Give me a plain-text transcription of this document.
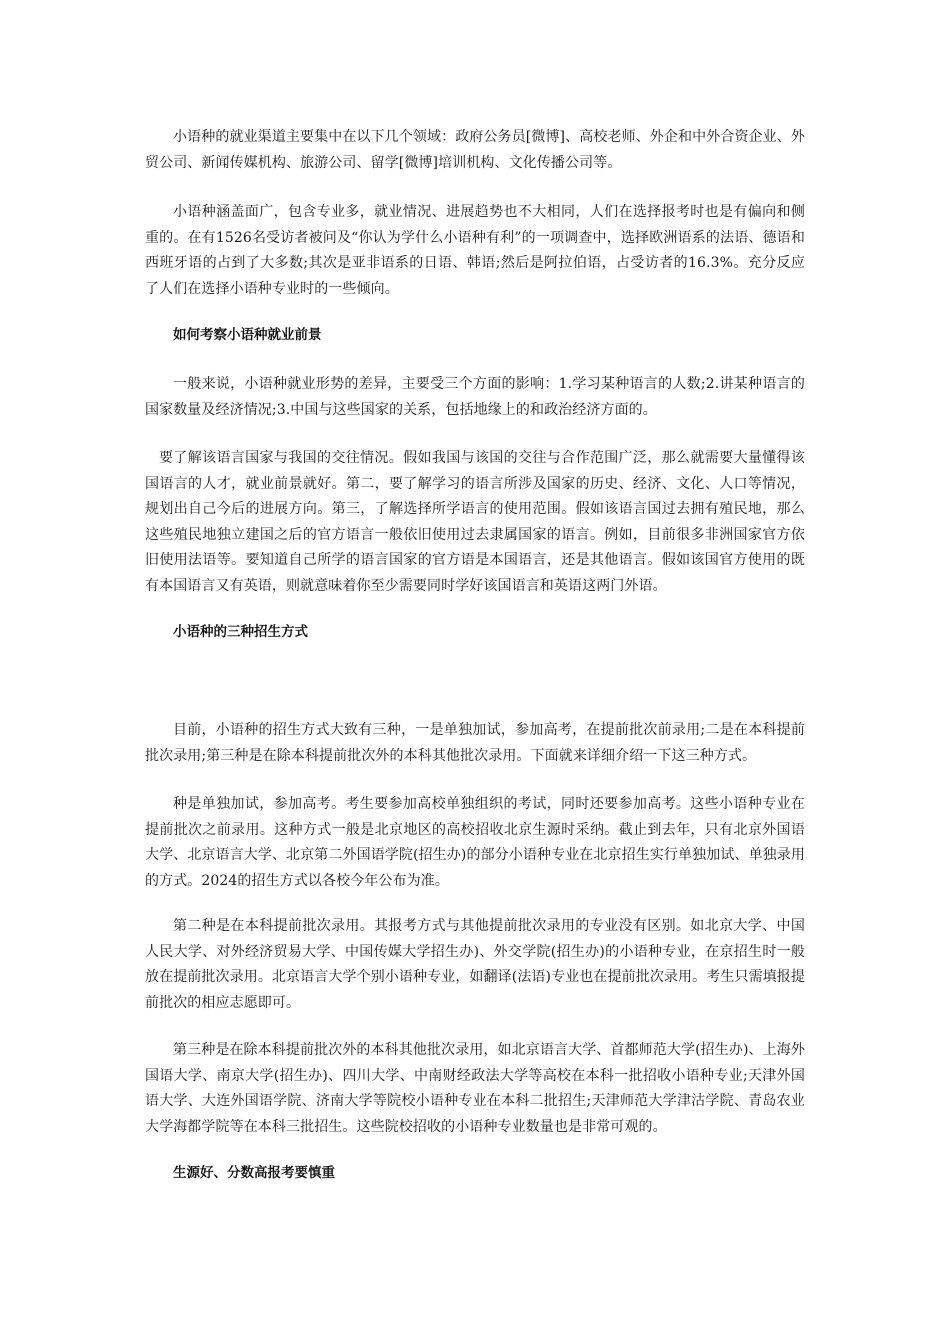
小语种的就业渠道主要集中在以下几个领域：政府公务员[微博]、高校老师、外企和中外合资企业、外贸公司、新闻传媒机构、旅游公司、留学[微博]培训机构、文化传播公司等。

小语种涵盖面广，包含专业多，就业情况、进展趋势也不大相同，人们在选择报考时也是有偏向和侧重的。在有1526名受访者被问及“你认为学什么小语种有利”的一项调查中，选择欧洲语系的法语、德语和西班牙语的占到了大多数;其次是亚非语系的日语、韩语;然后是阿拉伯语，占受访者的16.3%。充分反应了人们在选择小语种专业时的一些倾向。

如何考察小语种就业前景

一般来说，小语种就业形势的差异，主要受三个方面的影响：1.学习某种语言的人数;2.讲某种语言的国家数量及经济情况;3.中国与这些国家的关系，包括地缘上的和政治经济方面的。

要了解该语言国家与我国的交往情况。假如我国与该国的交往与合作范围广泛，那么就需要大量懂得该国语言的人才，就业前景就好。第二，要了解学习的语言所涉及国家的历史、经济、文化、人口等情况，规划出自己今后的进展方向。第三，了解选择所学语言的使用范围。假如该语言国过去拥有殖民地，那么这些殖民地独立建国之后的官方语言一般依旧使用过去隶属国家的语言。例如，目前很多非洲国家官方依旧使用法语等。要知道自己所学的语言国家的官方语是本国语言，还是其他语言。假如该国官方使用的既有本国语言又有英语，则就意味着你至少需要同时学好该国语言和英语这两门外语。

小语种的三种招生方式

目前，小语种的招生方式大致有三种，一是单独加试，参加高考，在提前批次前录用;二是在本科提前批次录用;第三种是在除本科提前批次外的本科其他批次录用。下面就来详细介绍一下这三种方式。

种是单独加试，参加高考。考生要参加高校单独组织的考试，同时还要参加高考。这些小语种专业在提前批次之前录用。这种方式一般是北京地区的高校招收北京生源时采纳。截止到去年，只有北京外国语大学、北京语言大学、北京第二外国语学院(招生办)的部分小语种专业在北京招生实行单独加试、单独录用的方式。2024的招生方式以各校今年公布为准。

第二种是在本科提前批次录用。其报考方式与其他提前批次录用的专业没有区别。如北京大学、中国人民大学、对外经济贸易大学、中国传媒大学招生办)、外交学院(招生办)的小语种专业，在京招生时一般放在提前批次录用。北京语言大学个别小语种专业，如翻译(法语)专业也在提前批次录用。考生只需填报提前批次的相应志愿即可。

第三种是在除本科提前批次外的本科其他批次录用，如北京语言大学、首都师范大学(招生办)、上海外国语大学、南京大学(招生办)、四川大学、中南财经政法大学等高校在本科一批招收小语种专业;天津外国语大学、大连外国语学院、济南大学等院校小语种专业在本科二批招生;天津师范大学津沽学院、青岛农业大学海都学院等在本科三批招生。这些院校招收的小语种专业数量也是非常可观的。

生源好、分数高报考要慎重
